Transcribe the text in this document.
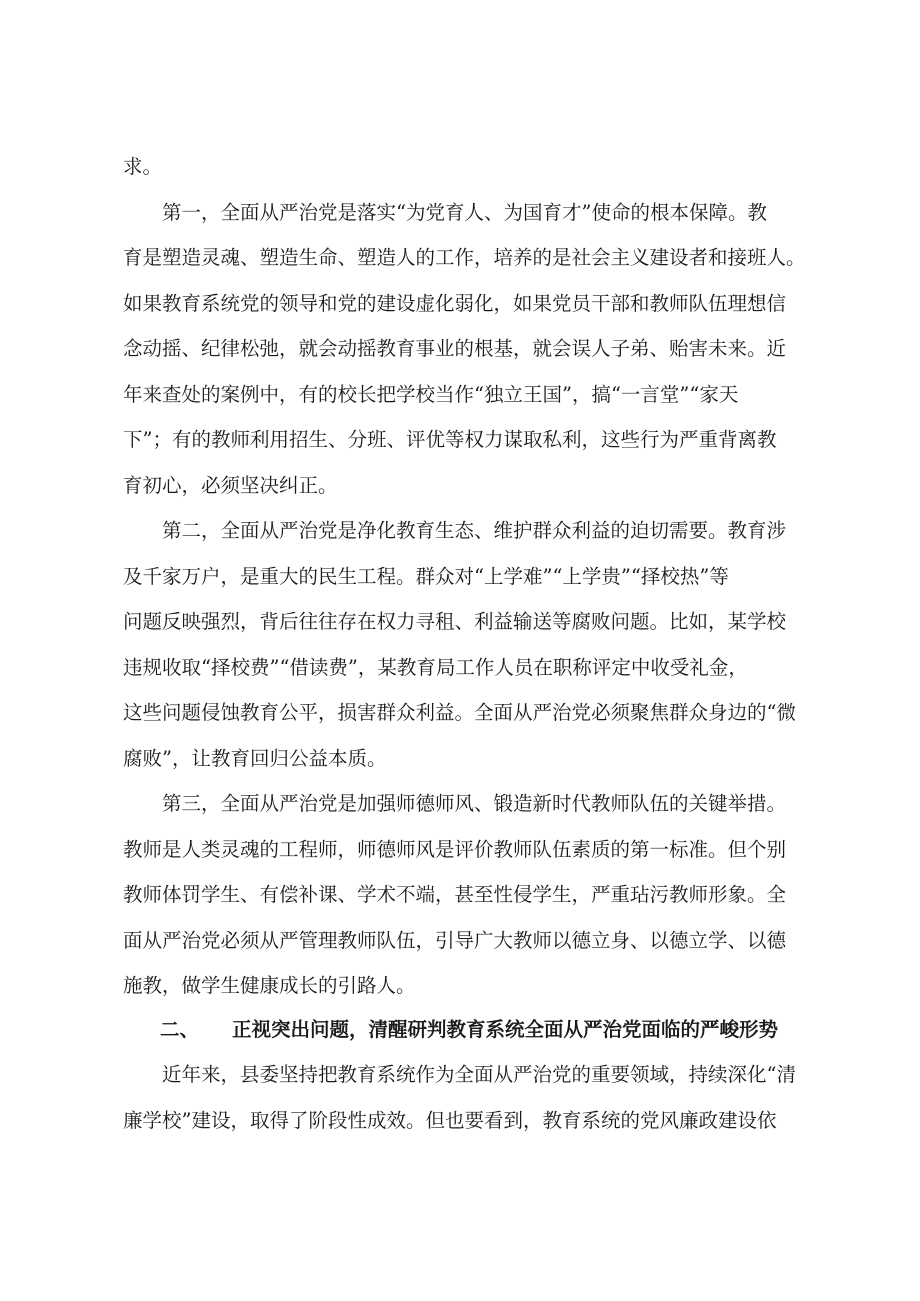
求。
　　第一，全面从严治党是落实“为党育人、为国育才”使命的根本保障。教
育是塑造灵魂、塑造生命、塑造人的工作，培养的是社会主义建设者和接班人。
如果教育系统党的领导和党的建设虚化弱化，如果党员干部和教师队伍理想信
念动摇、纪律松弛，就会动摇教育事业的根基，就会误人子弟、贻害未来。近
年来查处的案例中，有的校长把学校当作“独立王国”，搞“一言堂”“家天
下”；有的教师利用招生、分班、评优等权力谋取私利，这些行为严重背离教
育初心，必须坚决纠正。
　　第二，全面从严治党是净化教育生态、维护群众利益的迫切需要。教育涉
及千家万户，是重大的民生工程。群众对“上学难”“上学贵”“择校热”等
问题反映强烈，背后往往存在权力寻租、利益输送等腐败问题。比如，某学校
违规收取“择校费”“借读费”，某教育局工作人员在职称评定中收受礼金，
这些问题侵蚀教育公平，损害群众利益。全面从严治党必须聚焦群众身边的“微
腐败”，让教育回归公益本质。
　　第三，全面从严治党是加强师德师风、锻造新时代教师队伍的关键举措。
教师是人类灵魂的工程师，师德师风是评价教师队伍素质的第一标准。但个别
教师体罚学生、有偿补课、学术不端，甚至性侵学生，严重玷污教师形象。全
面从严治党必须从严管理教师队伍，引导广大教师以德立身、以德立学、以德
施教，做学生健康成长的引路人。
二、 正视突出问题，清醒研判教育系统全面从严治党面临的严峻形势
　　近年来，县委坚持把教育系统作为全面从严治党的重要领域，持续深化“清
廉学校”建设，取得了阶段性成效。但也要看到，教育系统的党风廉政建设依
